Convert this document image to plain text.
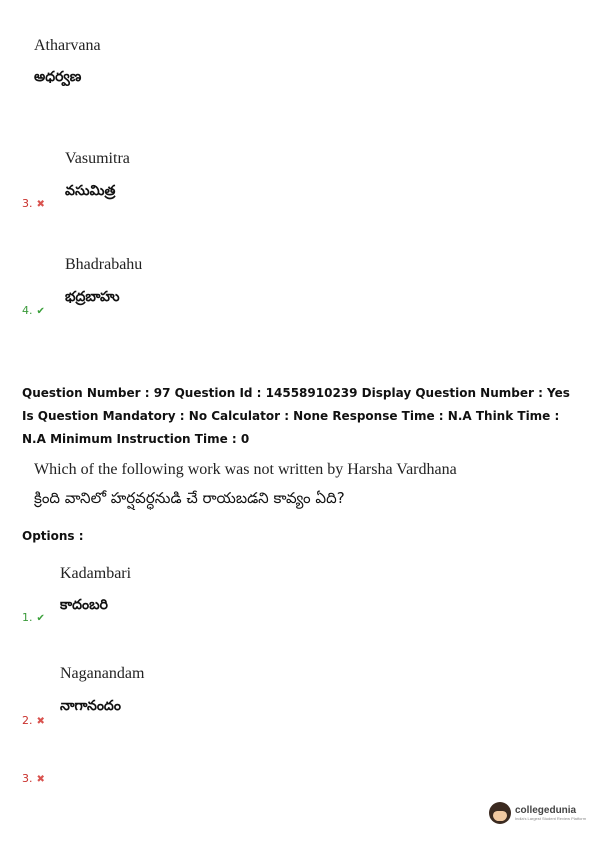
Atharvana
అధర్వణ
Vasumitra
వసుమిత్ర
3. ✖
Bhadrabahu
భద్రబాహు
4. ✔
Question Number : 97 Question Id : 14558910239 Display Question Number : Yes Is Question Mandatory : No Calculator : None Response Time : N.A Think Time : N.A Minimum Instruction Time : 0
Which of the following work was not written by Harsha Vardhana
క్రింది వానిలో హర్షవర్ధనుడి చే రాయబడని కావ్యం ఏది?
Options :
Kadambari
కాదంబరి
1. ✔
Naganandam
నాగానందం
2. ✖
3. ✖
collegedunia
India's Largest Student Review Platform
